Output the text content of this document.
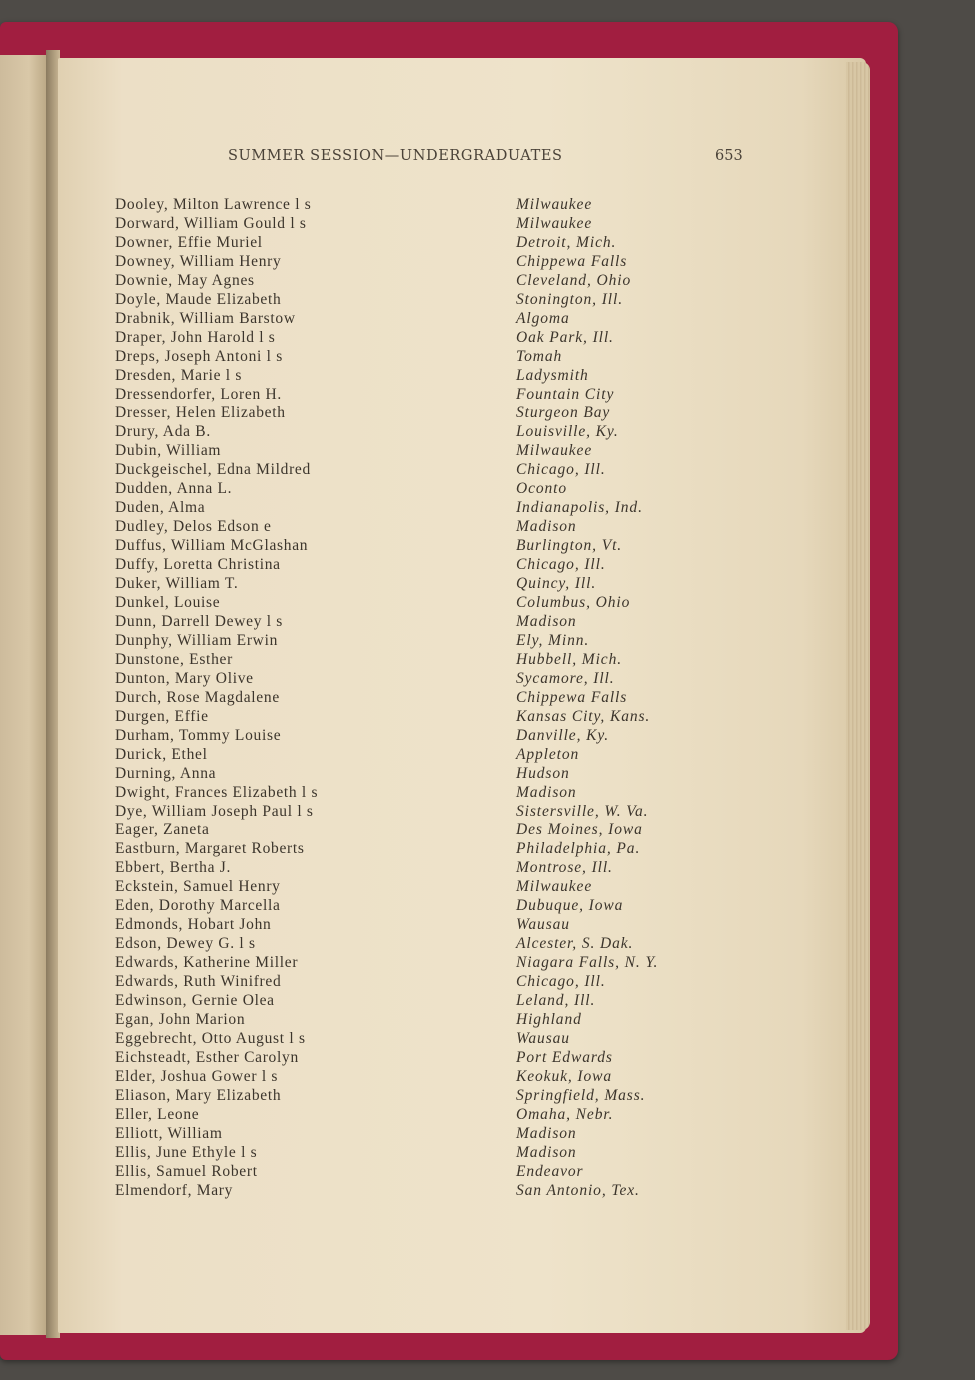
SUMMER SESSION—UNDERGRADUATES	653
Dooley, Milton Lawrence l s	Milwaukee
Dorward, William Gould l s	Milwaukee
Downer, Effie Muriel	Detroit, Mich.
Downey, William Henry	Chippewa Falls
Downie, May Agnes	Cleveland, Ohio
Doyle, Maude Elizabeth	Stonington, Ill.
Drabnik, William Barstow	Algoma
Draper, John Harold l s	Oak Park, Ill.
Dreps, Joseph Antoni l s	Tomah
Dresden, Marie l s	Ladysmith
Dressendorfer, Loren H.	Fountain City
Dresser, Helen Elizabeth	Sturgeon Bay
Drury, Ada B.	Louisville, Ky.
Dubin, William	Milwaukee
Duckgeischel, Edna Mildred	Chicago, Ill.
Dudden, Anna L.	Oconto
Duden, Alma	Indianapolis, Ind.
Dudley, Delos Edson e	Madison
Duffus, William McGlashan	Burlington, Vt.
Duffy, Loretta Christina	Chicago, Ill.
Duker, William T.	Quincy, Ill.
Dunkel, Louise	Columbus, Ohio
Dunn, Darrell Dewey l s	Madison
Dunphy, William Erwin	Ely, Minn.
Dunstone, Esther	Hubbell, Mich.
Dunton, Mary Olive	Sycamore, Ill.
Durch, Rose Magdalene	Chippewa Falls
Durgen, Effie	Kansas City, Kans.
Durham, Tommy Louise	Danville, Ky.
Durick, Ethel	Appleton
Durning, Anna	Hudson
Dwight, Frances Elizabeth l s	Madison
Dye, William Joseph Paul l s	Sistersville, W. Va.
Eager, Zaneta	Des Moines, Iowa
Eastburn, Margaret Roberts	Philadelphia, Pa.
Ebbert, Bertha J.	Montrose, Ill.
Eckstein, Samuel Henry	Milwaukee
Eden, Dorothy Marcella	Dubuque, Iowa
Edmonds, Hobart John	Wausau
Edson, Dewey G. l s	Alcester, S. Dak.
Edwards, Katherine Miller	Niagara Falls, N. Y.
Edwards, Ruth Winifred	Chicago, Ill.
Edwinson, Gernie Olea	Leland, Ill.
Egan, John Marion	Highland
Eggebrecht, Otto August l s	Wausau
Eichsteadt, Esther Carolyn	Port Edwards
Elder, Joshua Gower l s	Keokuk, Iowa
Eliason, Mary Elizabeth	Springfield, Mass.
Eller, Leone	Omaha, Nebr.
Elliott, William	Madison
Ellis, June Ethyle l s	Madison
Ellis, Samuel Robert	Endeavor
Elmendorf, Mary	San Antonio, Tex.
